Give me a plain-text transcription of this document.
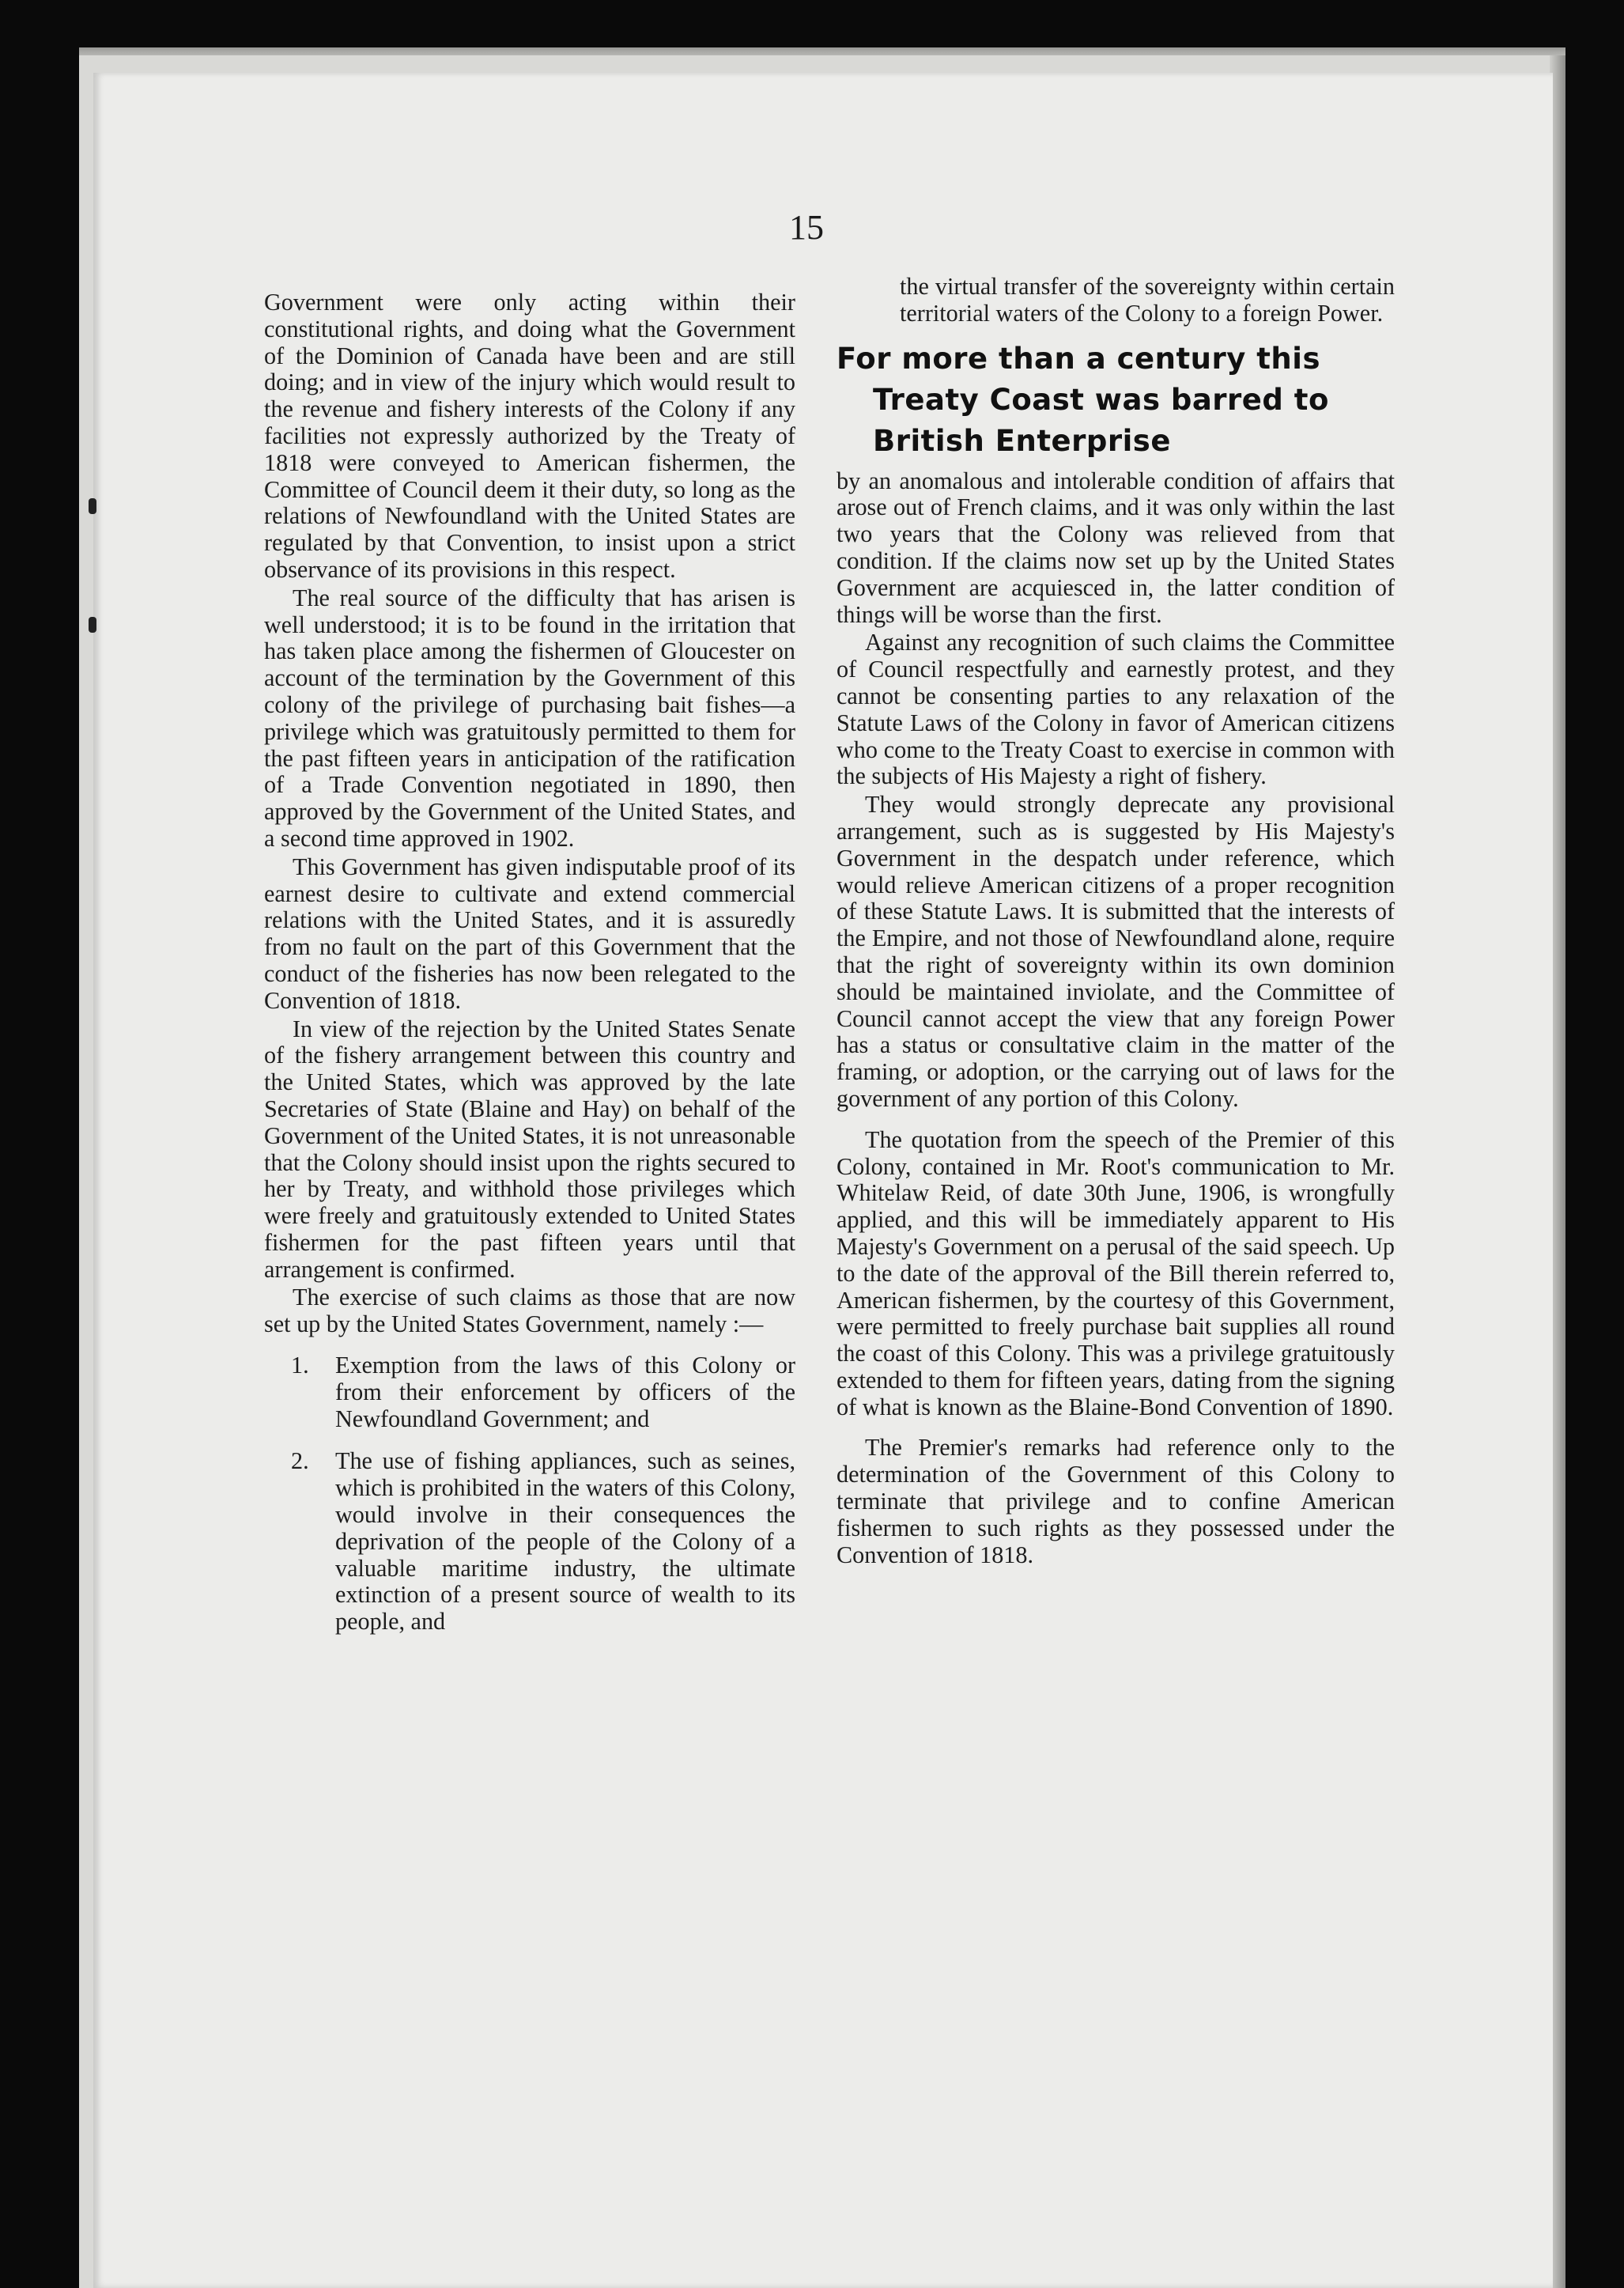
15

Government were only acting within their constitutional rights, and doing what the Government of the Dominion of Canada have been and are still doing; and in view of the injury which would result to the revenue and fishery interests of the Colony if any facilities not expressly authorized by the Treaty of 1818 were conveyed to American fishermen, the Committee of Council deem it their duty, so long as the relations of Newfoundland with the United States are regulated by that Convention, to insist upon a strict observance of its provisions in this respect.

The real source of the difficulty that has arisen is well understood; it is to be found in the irritation that has taken place among the fishermen of Gloucester on account of the termination by the Government of this colony of the privilege of purchasing bait fishes—a privilege which was gratuitously permitted to them for the past fifteen years in anticipation of the ratification of a Trade Convention negotiated in 1890, then approved by the Government of the United States, and a second time approved in 1902.

This Government has given indisputable proof of its earnest desire to cultivate and extend commercial relations with the United States, and it is assuredly from no fault on the part of this Government that the conduct of the fisheries has now been relegated to the Convention of 1818.

In view of the rejection by the United States Senate of the fishery arrangement between this country and the United States, which was approved by the late Secretaries of State (Blaine and Hay) on behalf of the Government of the United States, it is not unreasonable that the Colony should insist upon the rights secured to her by Treaty, and withhold those privileges which were freely and gratuitously extended to United States fishermen for the past fifteen years until that arrangement is confirmed.

The exercise of such claims as those that are now set up by the United States Government, namely :—

1.	Exemption from the laws of this Colony or from their enforcement by officers of the Newfoundland Government; and
2.	The use of fishing appliances, such as seines, which is prohibited in the waters of this Colony, would involve in their consequences the deprivation of the people of the Colony of a valuable maritime industry, the ultimate extinction of a present source of wealth to its people, and

the virtual transfer of the sovereignty within certain territorial waters of the Colony to a foreign Power.

For more than a century this
Treaty Coast was barred to
British Enterprise

by an anomalous and intolerable condition of affairs that arose out of French claims, and it was only within the last two years that the Colony was relieved from that condition. If the claims now set up by the United States Government are acquiesced in, the latter condition of things will be worse than the first.

Against any recognition of such claims the Committee of Council respectfully and earnestly protest, and they cannot be consenting parties to any relaxation of the Statute Laws of the Colony in favor of American citizens who come to the Treaty Coast to exercise in common with the subjects of His Majesty a right of fishery.

They would strongly deprecate any provisional arrangement, such as is suggested by His Majesty's Government in the despatch under reference, which would relieve American citizens of a proper recognition of these Statute Laws. It is submitted that the interests of the Empire, and not those of Newfoundland alone, require that the right of sovereignty within its own dominion should be maintained inviolate, and the Committee of Council cannot accept the view that any foreign Power has a status or consultative claim in the matter of the framing, or adoption, or the carrying out of laws for the government of any portion of this Colony.

The quotation from the speech of the Premier of this Colony, contained in Mr. Root's communication to Mr. Whitelaw Reid, of date 30th June, 1906, is wrongfully applied, and this will be immediately apparent to His Majesty's Government on a perusal of the said speech. Up to the date of the approval of the Bill therein referred to, American fishermen, by the courtesy of this Government, were permitted to freely purchase bait supplies all round the coast of this Colony. This was a privilege gratuitously extended to them for fifteen years, dating from the signing of what is known as the Blaine-Bond Convention of 1890.

The Premier's remarks had reference only to the determination of the Government of this Colony to terminate that privilege and to confine American fishermen to such rights as they possessed under the Convention of 1818.
